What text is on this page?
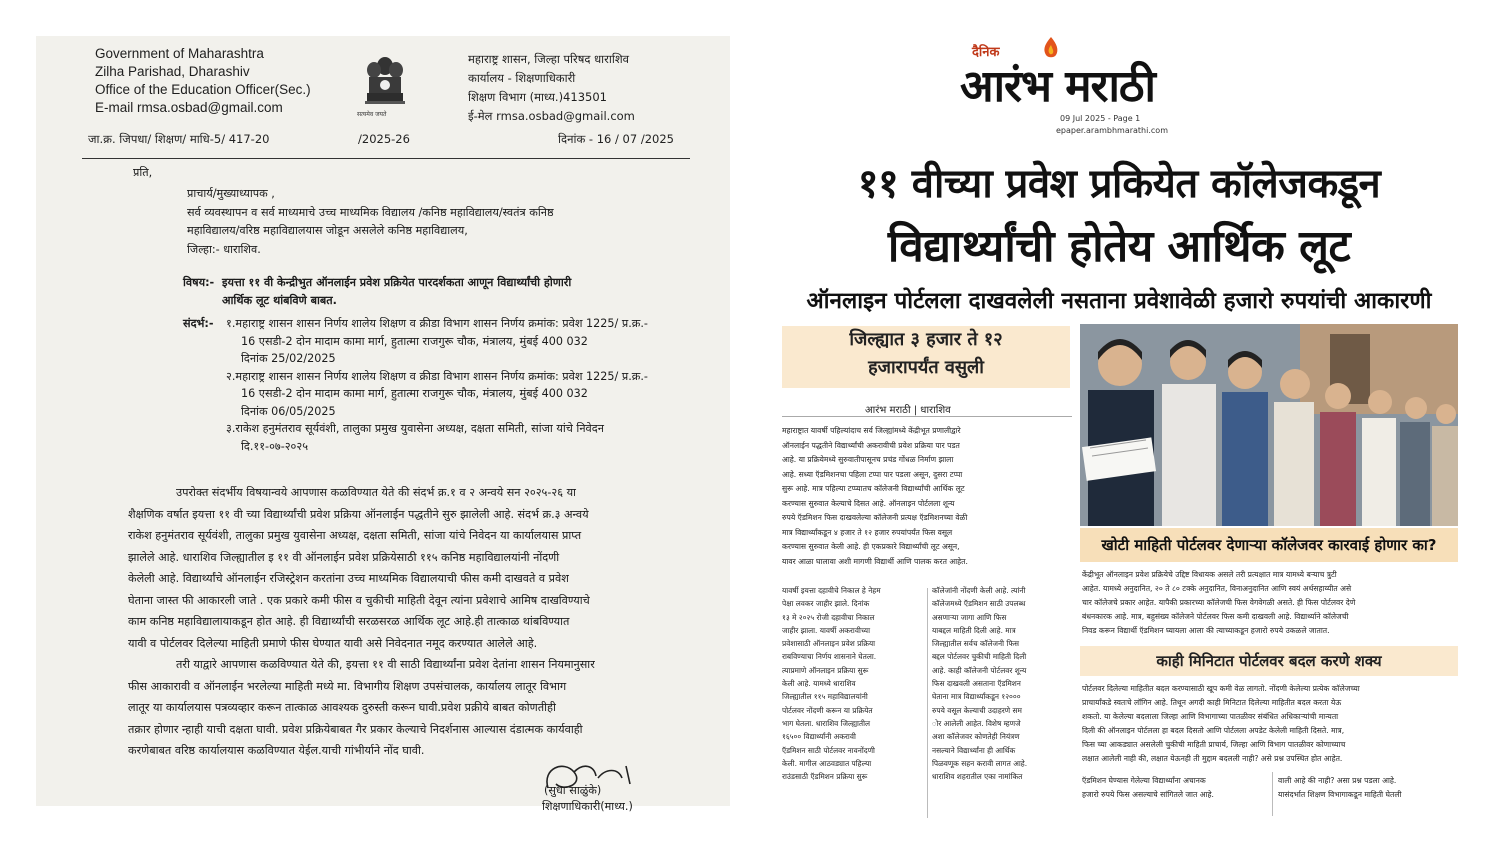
Government of Maharashtra
Zilha Parishad, Dharashiv
Office of the Education Officer(Sec.)
E-mail rmsa.osbad@gmail.com	सत्यमेव जयते
महाराष्ट्र शासन, जिल्हा परिषद धाराशिव
कार्यालय - शिक्षणाधिकारी
शिक्षण विभाग (माध्य.)413501
ई-मेल rmsa.osbad@gmail.com
जा.क्र. जिपधा/ शिक्षण/ माधि-5/ 417-20	/2025-26	दिनांक - 16 / 07 /2025
प्रति,
प्राचार्य/मुख्याध्यापक ,
सर्व व्यवस्थापन व सर्व माध्यमाचे उच्च माध्यमिक विद्यालय /कनिष्ठ महाविद्यालय/स्वतंत्र कनिष्ठ
महाविद्यालय/वरिष्ठ महाविद्यालयास जोडून असलेले कनिष्ठ महाविद्यालय,
जिल्हा:- धाराशिव.
विषय:- इयत्ता ११ वी केन्द्रीभुत ऑनलाईन प्रवेश प्रक्रियेत पारदर्शकता आणून विद्यार्थ्यांची होणारी
आर्थिक लूट थांबविणे बाबत.
संदर्भ:- १.महाराष्ट्र शासन शासन निर्णय शालेय शिक्षण व क्रीडा विभाग शासन निर्णय क्रमांक: प्रवेश 1225/ प्र.क्र.-
16 एसडी-2 दोन मादाम कामा मार्ग, हुतात्मा राजगुरू चौक, मंत्रालय, मुंबई 400 032
दिनांक 25/02/2025
२.महाराष्ट्र शासन शासन निर्णय शालेय शिक्षण व क्रीडा विभाग शासन निर्णय क्रमांक: प्रवेश 1225/ प्र.क्र.-
16 एसडी-2 दोन मादाम कामा मार्ग, हुतात्मा राजगुरू चौक, मंत्रालय, मुंबई 400 032
दिनांक 06/05/2025
३.राकेश हनुमंतराव सूर्यवंशी, तालुका प्रमुख युवासेना अध्यक्ष, दक्षता समिती, सांजा यांचे निवेदन
दि.११-०७-२०२५
उपरोक्त संदर्भीय विषयान्वये आपणास कळविण्यात येते की संदर्भ क्र.१ व २ अन्वये सन २०२५-२६ या
शैक्षणिक वर्षात इयत्ता ११ वी च्या विद्यार्थ्यांची प्रवेश प्रक्रिया ऑनलाईन पद्धतीने सुरु झालेली आहे. संदर्भ क्र.३ अन्वये
राकेश हनुमंतराव सूर्यवंशी, तालुका प्रमुख युवासेना अध्यक्ष, दक्षता समिती, सांजा यांचे निवेदन या कार्यालयास प्राप्त
झालेले आहे. धाराशिव जिल्ह्यातील इ ११ वी ऑनलाईन प्रवेश प्रक्रियेसाठी ११५ कनिष्ठ महाविद्यालयांनी नोंदणी
केलेली आहे. विद्यार्थ्यांचे ऑनलाईन रजिस्ट्रेशन करतांना उच्च माध्यमिक विद्यालयाची फीस कमी दाखवते व प्रवेश
घेताना जास्त फी आकारली जाते . एक प्रकारे कमी फीस व चुकीची माहिती देवून त्यांना प्रवेशाचे आमिष दाखविण्याचे
काम कनिष्ठ महाविद्यालायाकडून होत आहे. ही विद्यार्थ्यांची सरळसरळ आर्थिक लूट आहे.ही तात्काळ थांबविण्यात
यावी व पोर्टलवर दिलेल्या माहिती प्रमाणे फीस घेण्यात यावी असे निवेदनात नमूद करण्यात आलेले आहे.
तरी याद्वारे आपणास कळविण्यात येते की, इयत्ता ११ वी साठी विद्यार्थ्यांना प्रवेश देतांना शासन नियमानुसार
फीस आकारावी व ऑनलाईन भरलेल्या माहिती मध्ये मा. विभागीय शिक्षण उपसंचालक, कार्यालय लातूर विभाग
लातूर या कार्यालयास पत्रव्यव्हार करून तात्काळ आवश्यक दुरुस्ती करून घावी.प्रवेश प्रक्रीये बाबत कोणतीही
तक्रार होणार न्हाही याची दक्षता घावी. प्रवेश प्रक्रियेबाबत गैर प्रकार केल्याचे निदर्शनास आल्यास दंडात्मक कार्यवाही
करणेबाबत वरिष्ठ कार्यालयास कळविण्यात येईल.याची गांभीर्याने नोंद घावी.
(सुधा साळुंके)
शिक्षणाधिकारी(माध्य.)
दैनिक
आरंभ मराठी
09 Jul 2025 - Page 1
epaper.arambhmarathi.com
११ वीच्या प्रवेश प्रकियेत कॉलेजकडून
विद्यार्थ्यांची होतेय आर्थिक लूट
ऑनलाइन पोर्टलला दाखवलेली नसताना प्रवेशावेळी हजारो रुपयांची आकारणी
जिल्ह्यात ३ हजार ते १२
हजारापर्यंत वसुली
आरंभ मराठी | धाराशिव
महाराष्ट्रात यावर्षी पहिल्यांदाच सर्व जिल्ह्यांमध्ये केंद्रीभूत प्रणालीद्वारे
ऑनलाईन पद्धतीने विद्यार्थ्यांची अकरावीची प्रवेश प्रक्रिया पार पडत
आहे. या प्रक्रियेमध्ये सुरुवातीपासूनच प्रचंड गोंधळ निर्माण झाला
आहे. सध्या ऍडमिशनचा पहिला टप्पा पार पडला असून, दुसरा टप्पा
सुरू आहे. मात्र पहिल्या टप्प्यातच कॉलेजनी विद्यार्थ्यांची आर्थिक लूट
करण्यास सुरुवात केल्याचे दिसत आहे. ऑनलाइन पोर्टलला शून्य
रुपये ऍडमिशन फिस दाखवलेल्या कॉलेजनी प्रत्यक्ष ऍडमिशनच्या वेळी
मात्र विद्यार्थ्यांकडून ४ हजार ते १२ हजार रुपयांपर्यंत फिस वसूल
करण्यास सुरुवात केली आहे. ही एकप्रकारे विद्यार्थ्यांची लूट असून,
यावर आळा घालावा अशी मागणी विद्यार्थी आणि पालक करत आहेत.
यावर्षी इयत्ता दहावीचे निकाल हे नेहम
पेक्षा लवकर जाहीर झाले. दिनांक
१३ मे २०२५ रोजी दहावीचा निकाल
जाहीर झाला. यावर्षी अकरावीच्या
प्रवेशासाठी ऑनलाइन प्रवेश प्रक्रिया
राबविण्याचा निर्णय शासनाने घेतला.
त्याप्रमाणे ऑनलाइन प्रक्रिया सुरू
केली आहे. यामध्ये धाराशिव
जिल्ह्यातील ११५ महाविद्यालयांनी
पोर्टलवर नोंदणी करून या प्रक्रियेत
भाग घेतला. धाराशिव जिल्ह्यातील
१६५०० विद्यार्थ्यांनी अकरावी
ऍडमिशन साठी पोर्टलवर नावनोंदणी
केली. मागील आठवड्यात पहिल्या
राउंडसाठी ऍडमिशन प्रक्रिया सुरू
कॉलेजांनी नोंदणी केली आहे. त्यांनी
कॉलेजमध्ये ऍडमिशन साठी उपलब्ध
असणाऱ्या जागा आणि फिस
याबद्दल माहिती दिली आहे. मात्र
जिल्ह्यातील सर्वच कॉलेजनी फिस
बद्दल पोर्टलवर चुकीची माहिती दिली
आहे. काही कॉलेजनी पोर्टलवर शून्य
फिस दाखवली असताना ऍडमिशन
घेताना मात्र विद्यार्थ्यांकडून १२०००
रुपये वसूल केल्याची उदाहरणे सम
ोर आलेली आहेत. विशेष म्हणजे
अशा कॉलेजवर कोणतेही नियंत्रण
नसल्याने विद्यार्थ्यांना ही आर्थिक
पिळवणूक सहन करावी लागत आहे.
धाराशिव शहरातील एका नामांकित
खोटी माहिती पोर्टलवर देणाऱ्या कॉलेजवर कारवाई होणार का?
केंद्रीभूत ऑनलाइन प्रवेश प्रक्रियेचे उद्दिष्ट विधायक असले तरी प्रत्यक्षात मात्र यामध्ये बऱ्याच त्रुटी
आहेत. यामध्ये अनुदानित, २० ते ८० टक्के अनुदानित, विनाअनुदानित आणि स्वयं अर्थसहाय्यीत असे
चार कॉलेजचे प्रकार आहेत. यापैकी प्रकारच्या कॉलेजची फिस वेगवेगळी असते. ही फिस पोर्टलवर देणे
बंधनकारक आहे. मात्र, बहुसंख्य कॉलेजने पोर्टलवर फिस कमी दाखवली आहे. विद्यार्थ्याने कॉलेजची
निवड करून विद्यार्थी ऍडमिशन घ्यायला आला की त्याच्याकडून हजारो रुपये उकळले जातात.
काही मिनिटात पोर्टलवर बदल करणे शक्य
पोर्टलवर दिलेल्या माहितीत बदल करण्यासाठी खूप कमी वेळ लागतो. नोंदणी केलेल्या प्रत्येक कॉलेजच्या
प्राचार्यांकडे स्वतःचे लॉगिन आहे. तिथून अगदी काही मिनिटात दिलेल्या माहितीत बदल करता येऊ
शकतो. या केलेल्या बदलाला जिल्हा आणि विभागाच्या पातळीवर संबंधित अधिकाऱ्यांची मान्यता
दिली की ऑनलाइन पोर्टलला हा बदल दिसतो आणि पोर्टलला अपडेट केलेली माहिती दिसते. मात्र,
फिस च्या आकड्यात असलेली चुकीची माहिती प्राचार्य, जिल्हा आणि विभाग पातळीवर कोणाच्याच
लक्षात आलेली नाही की, लक्षात येऊनही ती मुद्दाम बदलली नाही? असे प्रश्न उपस्थित होत आहेत.
ऍडमिशन घेण्यास गेलेल्या विद्यार्थ्यांना अचानक
हजारो रुपये फिस असल्याचे सांगितले जात आहे.
वाली आहे की नाही? असा प्रश्न पडला आहे.
यासंदर्भात शिक्षण विभागाकडून माहिती घेतली
